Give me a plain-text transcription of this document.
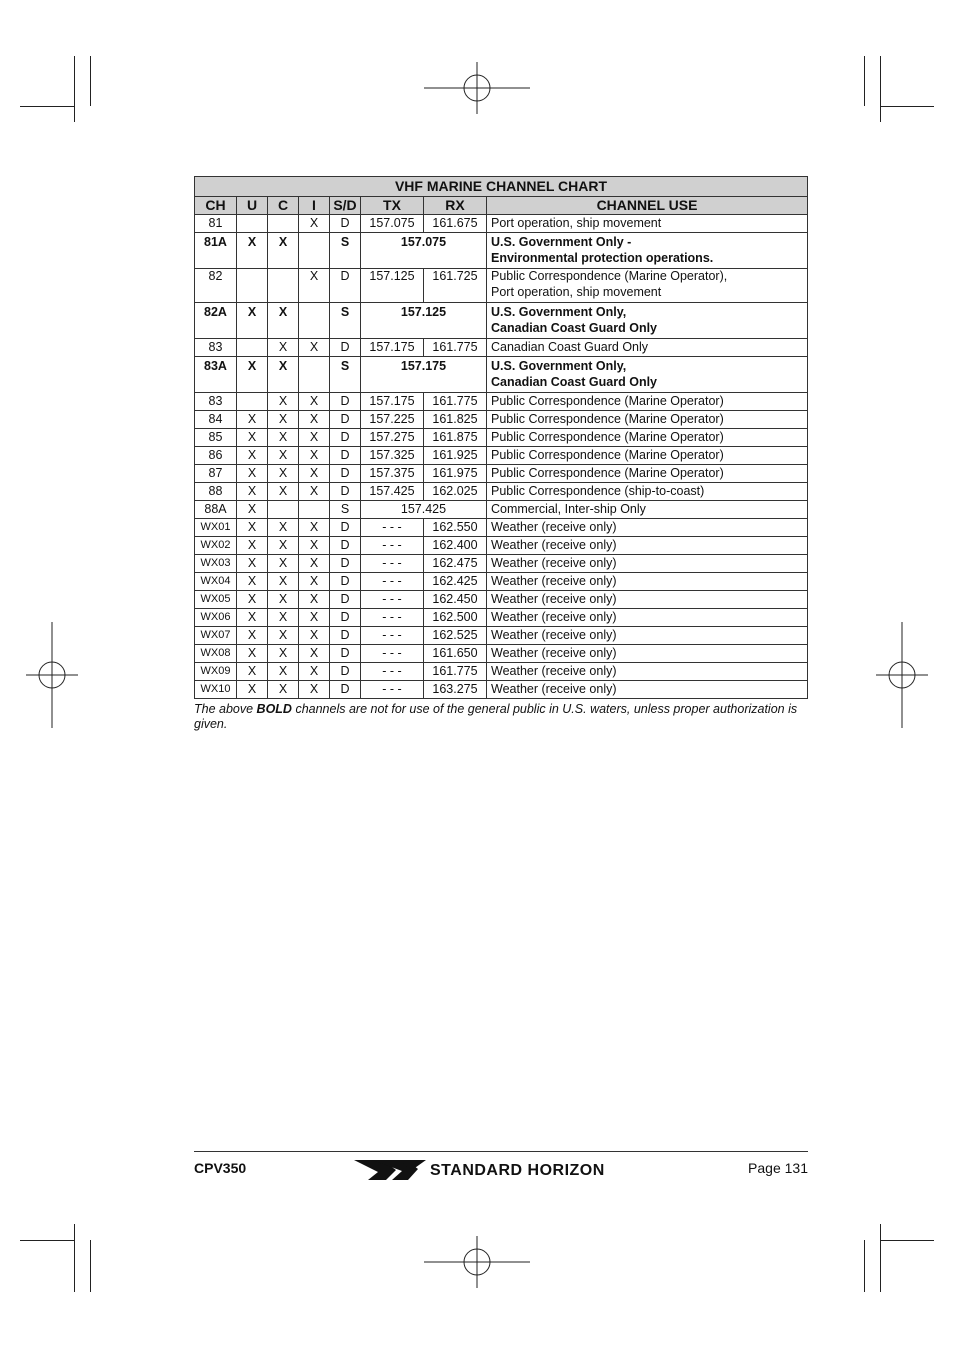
VHF MARINE CHANNEL CHART							
CH	U	C	I	S/D	TX	RX	CHANNEL USE
81			X	D	157.075	161.675	Port operation, ship movement

81A	X	X		S	157.075		U.S. Government Only -
Environmental protection operations.

82			X	D	157.125	161.725	Public Correspondence (Marine Operator),
Port operation, ship movement

82A	X	X		S	157.125		U.S. Government Only,
Canadian Coast Guard Only

83		X	X	D	157.175	161.775	Canadian Coast Guard Only

83A	X	X		S	157.175		U.S. Government Only,
Canadian Coast Guard Only

83		X	X	D	157.175	161.775	Public Correspondence (Marine Operator)

84	X	X	X	D	157.225	161.825	Public Correspondence (Marine Operator)

85	X	X	X	D	157.275	161.875	Public Correspondence (Marine Operator)

86	X	X	X	D	157.325	161.925	Public Correspondence (Marine Operator)

87	X	X	X	D	157.375	161.975	Public Correspondence (Marine Operator)

88	X	X	X	D	157.425	162.025	Public Correspondence (ship-to-coast)

88A	X			S	157.425		Commercial, Inter-ship Only

WX01	X	X	X	D	- - -	162.550	Weather (receive only)

WX02	X	X	X	D	- - -	162.400	Weather (receive only)

WX03	X	X	X	D	- - -	162.475	Weather (receive only)

WX04	X	X	X	D	- - -	162.425	Weather (receive only)

WX05	X	X	X	D	- - -	162.450	Weather (receive only)

WX06	X	X	X	D	- - -	162.500	Weather (receive only)

WX07	X	X	X	D	- - -	162.525	Weather (receive only)

WX08	X	X	X	D	- - -	161.650	Weather (receive only)

WX09	X	X	X	D	- - -	161.775	Weather (receive only)

WX10	X	X	X	D	- - -	163.275	Weather (receive only)
The above BOLD channels are not for use of the general public in U.S. waters, unless proper authorization is given.
CPV350	STANDARD HORIZON	Page 131
